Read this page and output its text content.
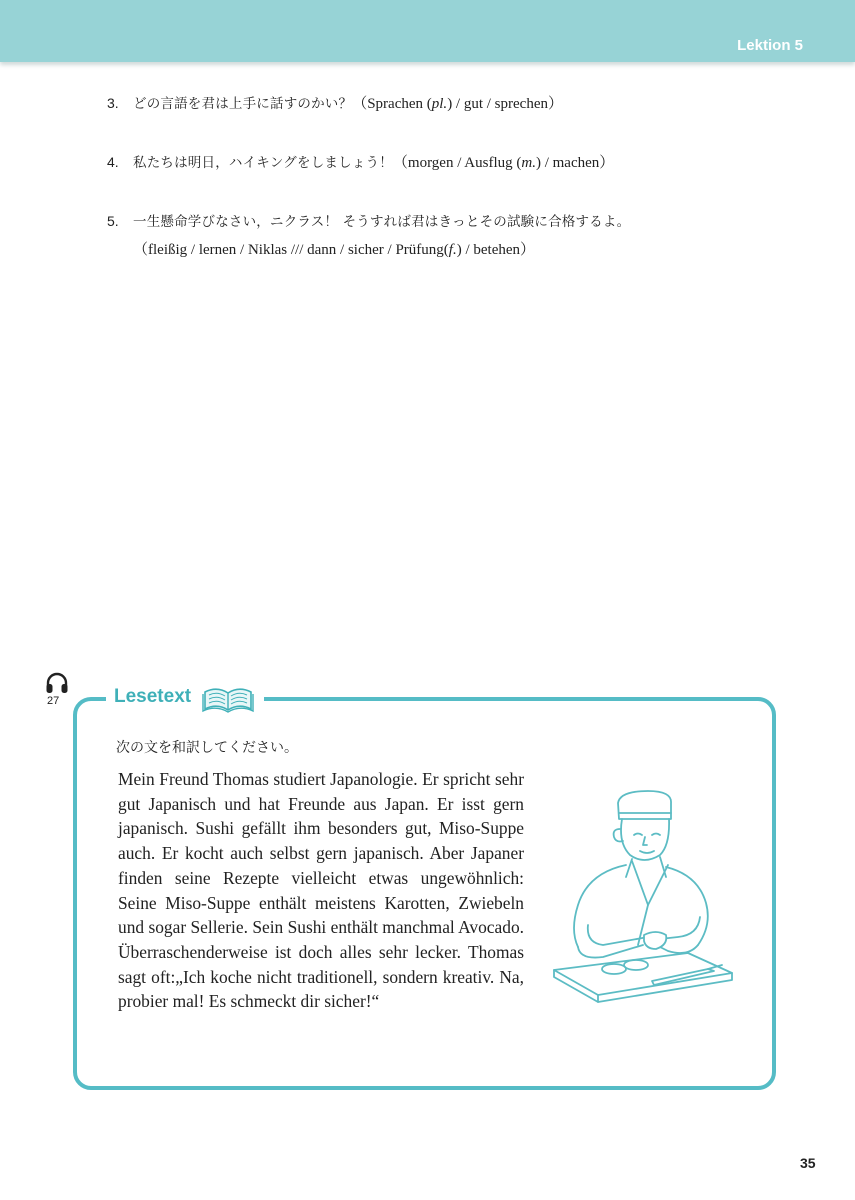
Lektion 5
3. どの言語を君は上手に話すのかい？（Sprachen (pl.) / gut / sprechen）
4. 私たちは明日，ハイキングをしましょう！（morgen / Ausflug (m.) / machen）
5. 一生懸命学びなさい，ニクラス！ そうすれば君はきっとその試験に合格するよ。
（fleißig / lernen / Niklas /// dann / sicher / Prüfung(f.) / betehen）
27	Lesetext
次の文を和訳してください。
Mein Freund Thomas studiert Japanologie. Er spricht sehr gut Japanisch und hat Freunde aus Japan. Er isst gern japanisch. Sushi gefällt ihm besonders gut, Miso-Suppe auch. Er kocht auch selbst gern japanisch. Aber Japaner finden seine Rezepte vielleicht etwas ungewöhnlich: Seine Miso-Suppe enthält meistens Karotten, Zwiebeln und sogar Sellerie. Sein Sushi enthält manchmal Avocado. Überraschenderweise ist doch alles sehr lecker. Thomas sagt oft:„Ich koche nicht traditionell, sondern kreativ. Na, probier mal! Es schmeckt dir sicher!“
35
